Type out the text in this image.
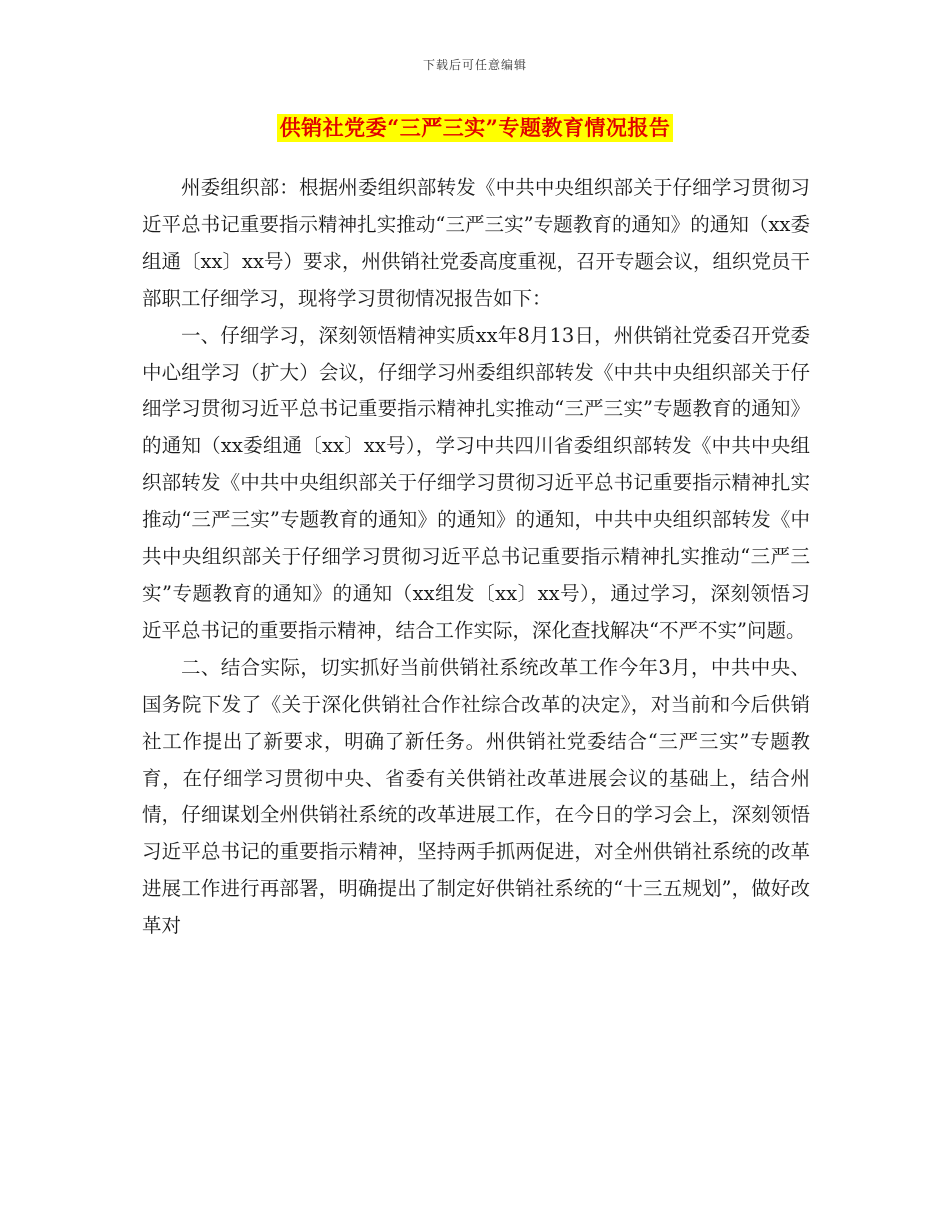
下载后可任意编辑
供销社党委“三严三实”专题教育情况报告

州委组织部：根据州委组织部转发《中共中央组织部关于仔细学习贯彻习近平总书记重要指示精神扎实推动“三严三实”专题教育的通知》的通知（xx委组通〔xx〕xx号）要求，州供销社党委高度重视，召开专题会议，组织党员干部职工仔细学习，现将学习贯彻情况报告如下：

一、仔细学习，深刻领悟精神实质xx年8月13日，州供销社党委召开党委中心组学习（扩大）会议，仔细学习州委组织部转发《中共中央组织部关于仔细学习贯彻习近平总书记重要指示精神扎实推动“三严三实”专题教育的通知》的通知（xx委组通〔xx〕xx号），学习中共四川省委组织部转发《中共中央组织部转发《中共中央组织部关于仔细学习贯彻习近平总书记重要指示精神扎实推动“三严三实”专题教育的通知》的通知》的通知，中共中央组织部转发《中共中央组织部关于仔细学习贯彻习近平总书记重要指示精神扎实推动“三严三实”专题教育的通知》的通知（xx组发〔xx〕xx号），通过学习，深刻领悟习近平总书记的重要指示精神，结合工作实际，深化查找解决“不严不实”问题。

二、结合实际，切实抓好当前供销社系统改革工作今年3月，中共中央、国务院下发了《关于深化供销社合作社综合改革的决定》，对当前和今后供销社工作提出了新要求，明确了新任务。州供销社党委结合“三严三实”专题教育，在仔细学习贯彻中央、省委有关供销社改革进展会议的基础上，结合州情，仔细谋划全州供销社系统的改革进展工作，在今日的学习会上，深刻领悟习近平总书记的重要指示精神，坚持两手抓两促进，对全州供销社系统的改革进展工作进行再部署，明确提出了制定好供销社系统的“十三五规划”，做好改革对
